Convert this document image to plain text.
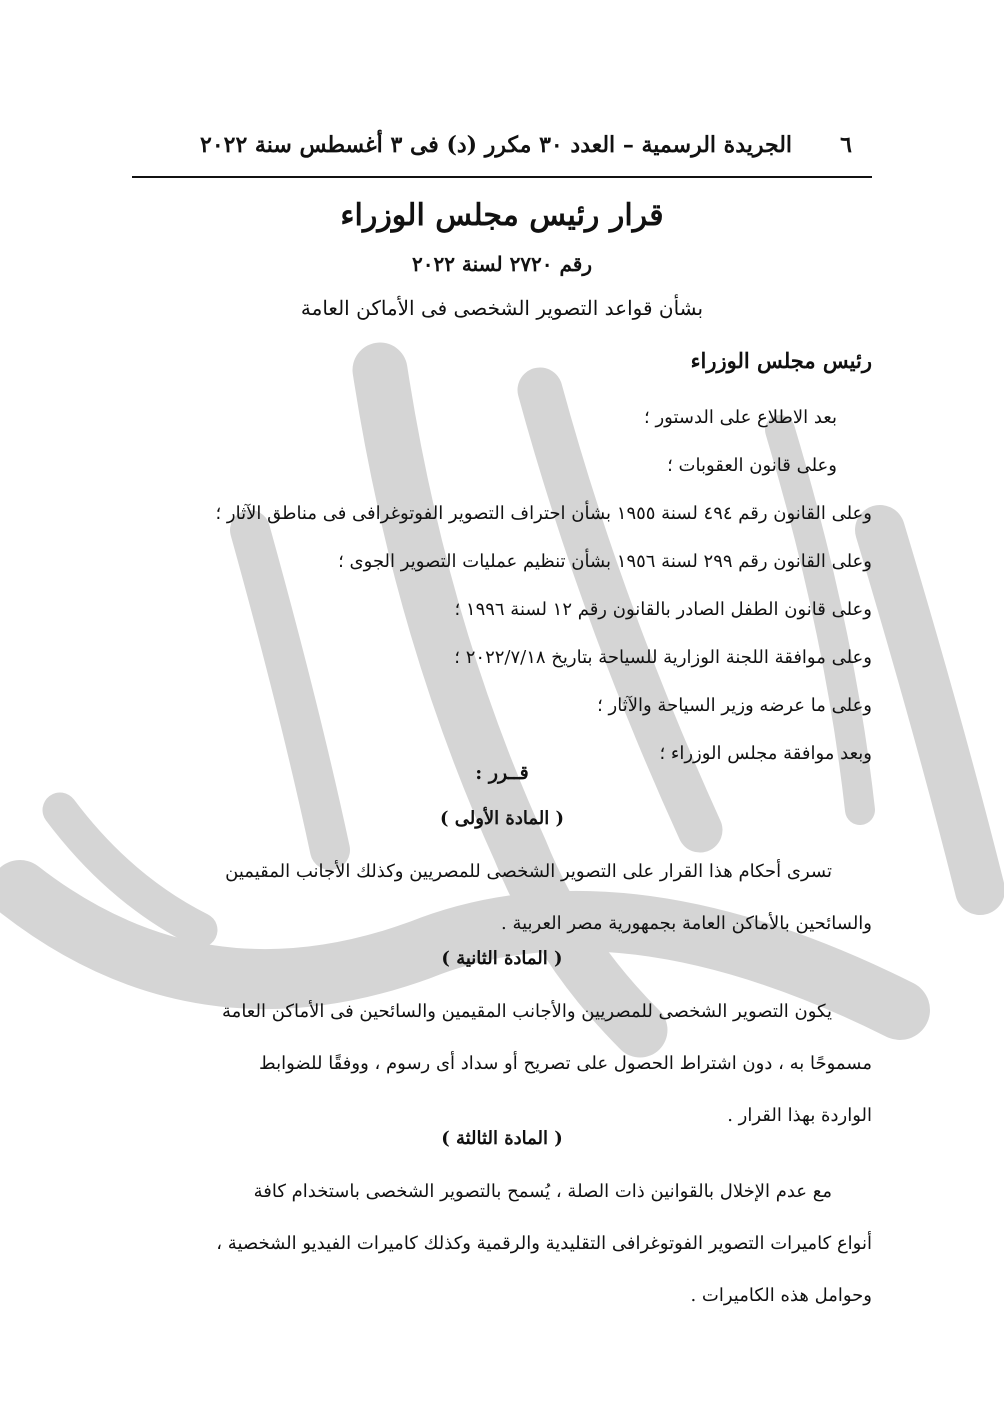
٦
الجريدة الرسمية – العدد ٣٠ مكرر (د) فى ٣ أغسطس سنة ٢٠٢٢
قرار رئيس مجلس الوزراء
رقم ٢٧٢٠ لسنة ٢٠٢٢
بشأن قواعد التصوير الشخصى فى الأماكن العامة
رئيس مجلس الوزراء
بعد الاطلاع على الدستور ؛
وعلى قانون العقوبات ؛
وعلى القانون رقم ٤٩٤ لسنة ١٩٥٥ بشأن احتراف التصوير الفوتوغرافى فى مناطق الآثار ؛
وعلى القانون رقم ٢٩٩ لسنة ١٩٥٦ بشأن تنظيم عمليات التصوير الجوى ؛
وعلى قانون الطفل الصادر بالقانون رقم ١٢ لسنة ١٩٩٦ ؛
وعلى موافقة اللجنة الوزارية للسياحة بتاريخ ٢٠٢٢/٧/١٨ ؛
وعلى ما عرضه وزير السياحة والآثار ؛
وبعد موافقة مجلس الوزراء ؛
قــرر :
( المادة الأولى )
تسرى أحكام هذا القرار على التصوير الشخصى للمصريين وكذلك الأجانب المقيمين
والسائحين بالأماكن العامة بجمهورية مصر العربية .
( المادة الثانية )
يكون التصوير الشخصى للمصريين والأجانب المقيمين والسائحين فى الأماكن العامة
مسموحًا به ، دون اشتراط الحصول على تصريح أو سداد أى رسوم ، ووفقًا للضوابط
الواردة بهذا القرار .
( المادة الثالثة )
مع عدم الإخلال بالقوانين ذات الصلة ، يُسمح بالتصوير الشخصى باستخدام كافة
أنواع كاميرات التصوير الفوتوغرافى التقليدية والرقمية وكذلك كاميرات الفيديو الشخصية ،
وحوامل هذه الكاميرات .
